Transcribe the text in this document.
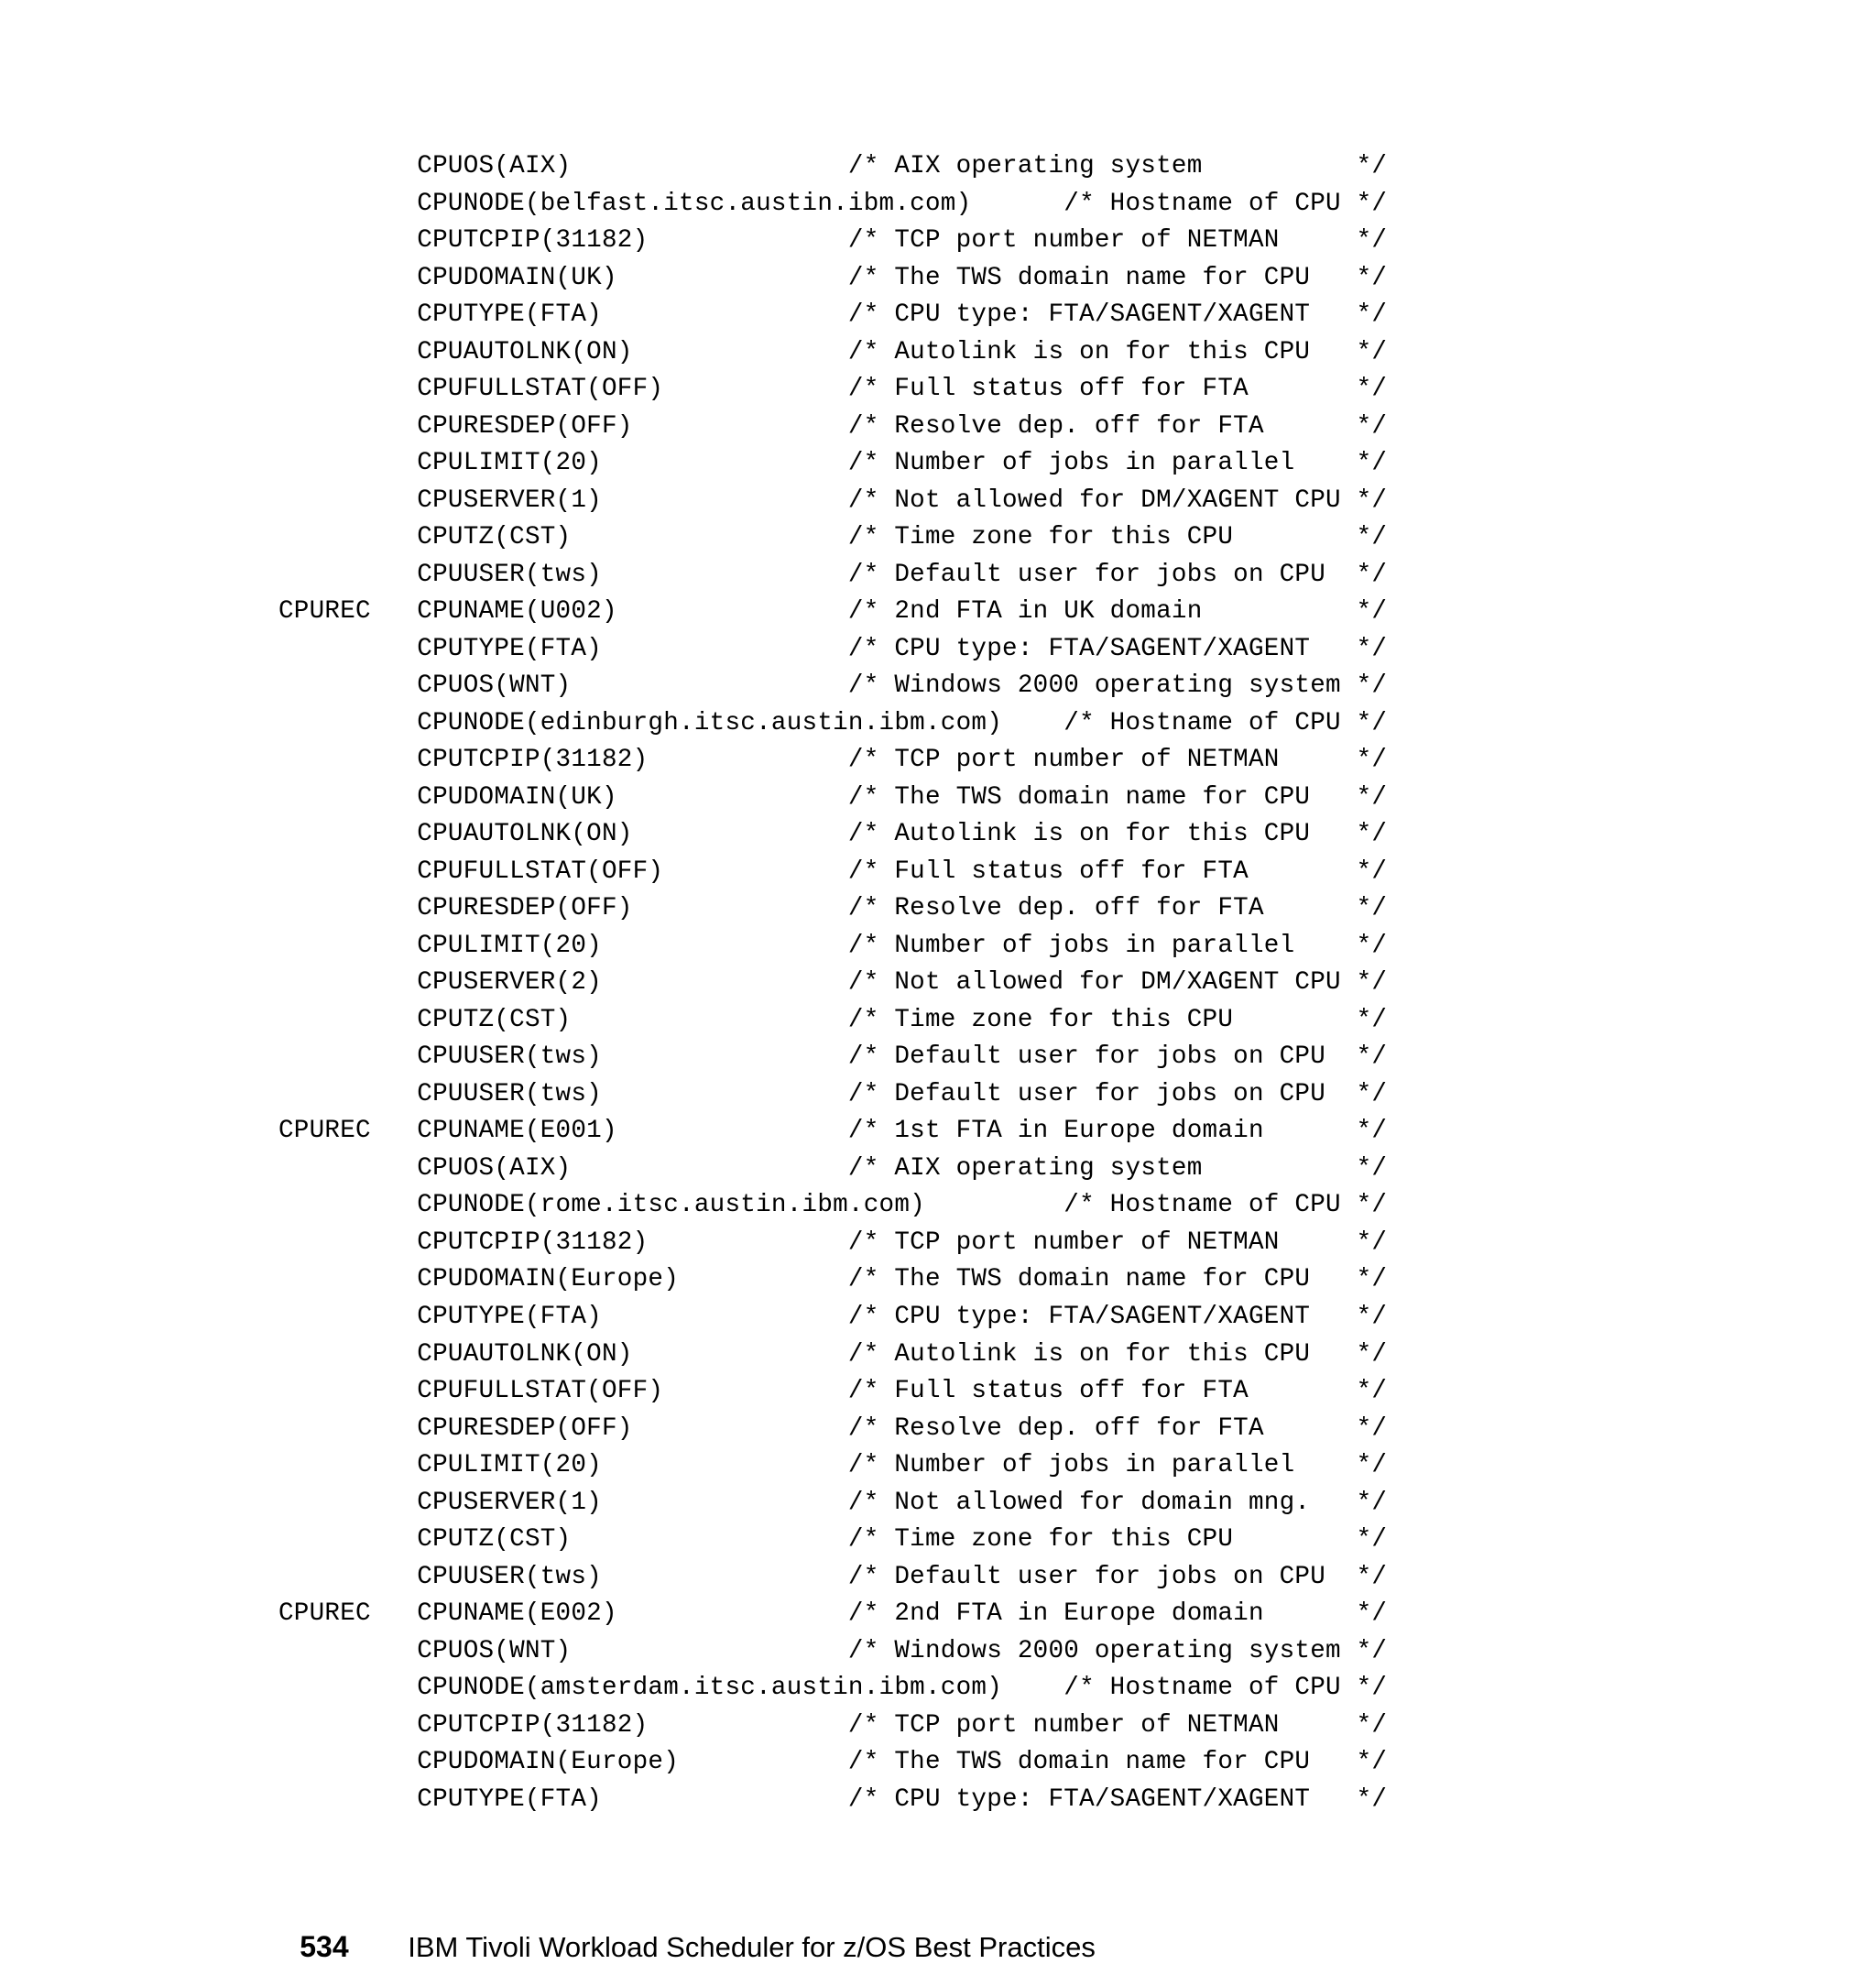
CPUOS(AIX)                  /* AIX operating system          */
CPUNODE(belfast.itsc.austin.ibm.com)      /* Hostname of CPU */
CPUTCPIP(31182)             /* TCP port number of NETMAN     */
CPUDOMAIN(UK)               /* The TWS domain name for CPU   */
CPUTYPE(FTA)                /* CPU type: FTA/SAGENT/XAGENT   */
CPUAUTOLNK(ON)              /* Autolink is on for this CPU   */
CPUFULLSTAT(OFF)            /* Full status off for FTA       */
CPURESDEP(OFF)              /* Resolve dep. off for FTA      */
CPULIMIT(20)                /* Number of jobs in parallel    */
CPUSERVER(1)                /* Not allowed for DM/XAGENT CPU */
CPUTZ(CST)                  /* Time zone for this CPU        */
CPUUSER(tws)                /* Default user for jobs on CPU  */
CPUREC   CPUNAME(U002)               /* 2nd FTA in UK domain          */
CPUTYPE(FTA)                /* CPU type: FTA/SAGENT/XAGENT   */
CPUOS(WNT)                  /* Windows 2000 operating system */
CPUNODE(edinburgh.itsc.austin.ibm.com)    /* Hostname of CPU */
CPUTCPIP(31182)             /* TCP port number of NETMAN     */
CPUDOMAIN(UK)               /* The TWS domain name for CPU   */
CPUAUTOLNK(ON)              /* Autolink is on for this CPU   */
CPUFULLSTAT(OFF)            /* Full status off for FTA       */
CPURESDEP(OFF)              /* Resolve dep. off for FTA      */
CPULIMIT(20)                /* Number of jobs in parallel    */
CPUSERVER(2)                /* Not allowed for DM/XAGENT CPU */
CPUTZ(CST)                  /* Time zone for this CPU        */
CPUUSER(tws)                /* Default user for jobs on CPU  */
CPUUSER(tws)                /* Default user for jobs on CPU  */
CPUREC   CPUNAME(E001)               /* 1st FTA in Europe domain      */
CPUOS(AIX)                  /* AIX operating system          */
CPUNODE(rome.itsc.austin.ibm.com)         /* Hostname of CPU */
CPUTCPIP(31182)             /* TCP port number of NETMAN     */
CPUDOMAIN(Europe)           /* The TWS domain name for CPU   */
CPUTYPE(FTA)                /* CPU type: FTA/SAGENT/XAGENT   */
CPUAUTOLNK(ON)              /* Autolink is on for this CPU   */
CPUFULLSTAT(OFF)            /* Full status off for FTA       */
CPURESDEP(OFF)              /* Resolve dep. off for FTA      */
CPULIMIT(20)                /* Number of jobs in parallel    */
CPUSERVER(1)                /* Not allowed for domain mng.   */
CPUTZ(CST)                  /* Time zone for this CPU        */
CPUUSER(tws)                /* Default user for jobs on CPU  */
CPUREC   CPUNAME(E002)               /* 2nd FTA in Europe domain      */
CPUOS(WNT)                  /* Windows 2000 operating system */
CPUNODE(amsterdam.itsc.austin.ibm.com)    /* Hostname of CPU */
CPUTCPIP(31182)             /* TCP port number of NETMAN     */
CPUDOMAIN(Europe)           /* The TWS domain name for CPU   */
CPUTYPE(FTA)                /* CPU type: FTA/SAGENT/XAGENT   */

534 IBM Tivoli Workload Scheduler for z/OS Best Practices
